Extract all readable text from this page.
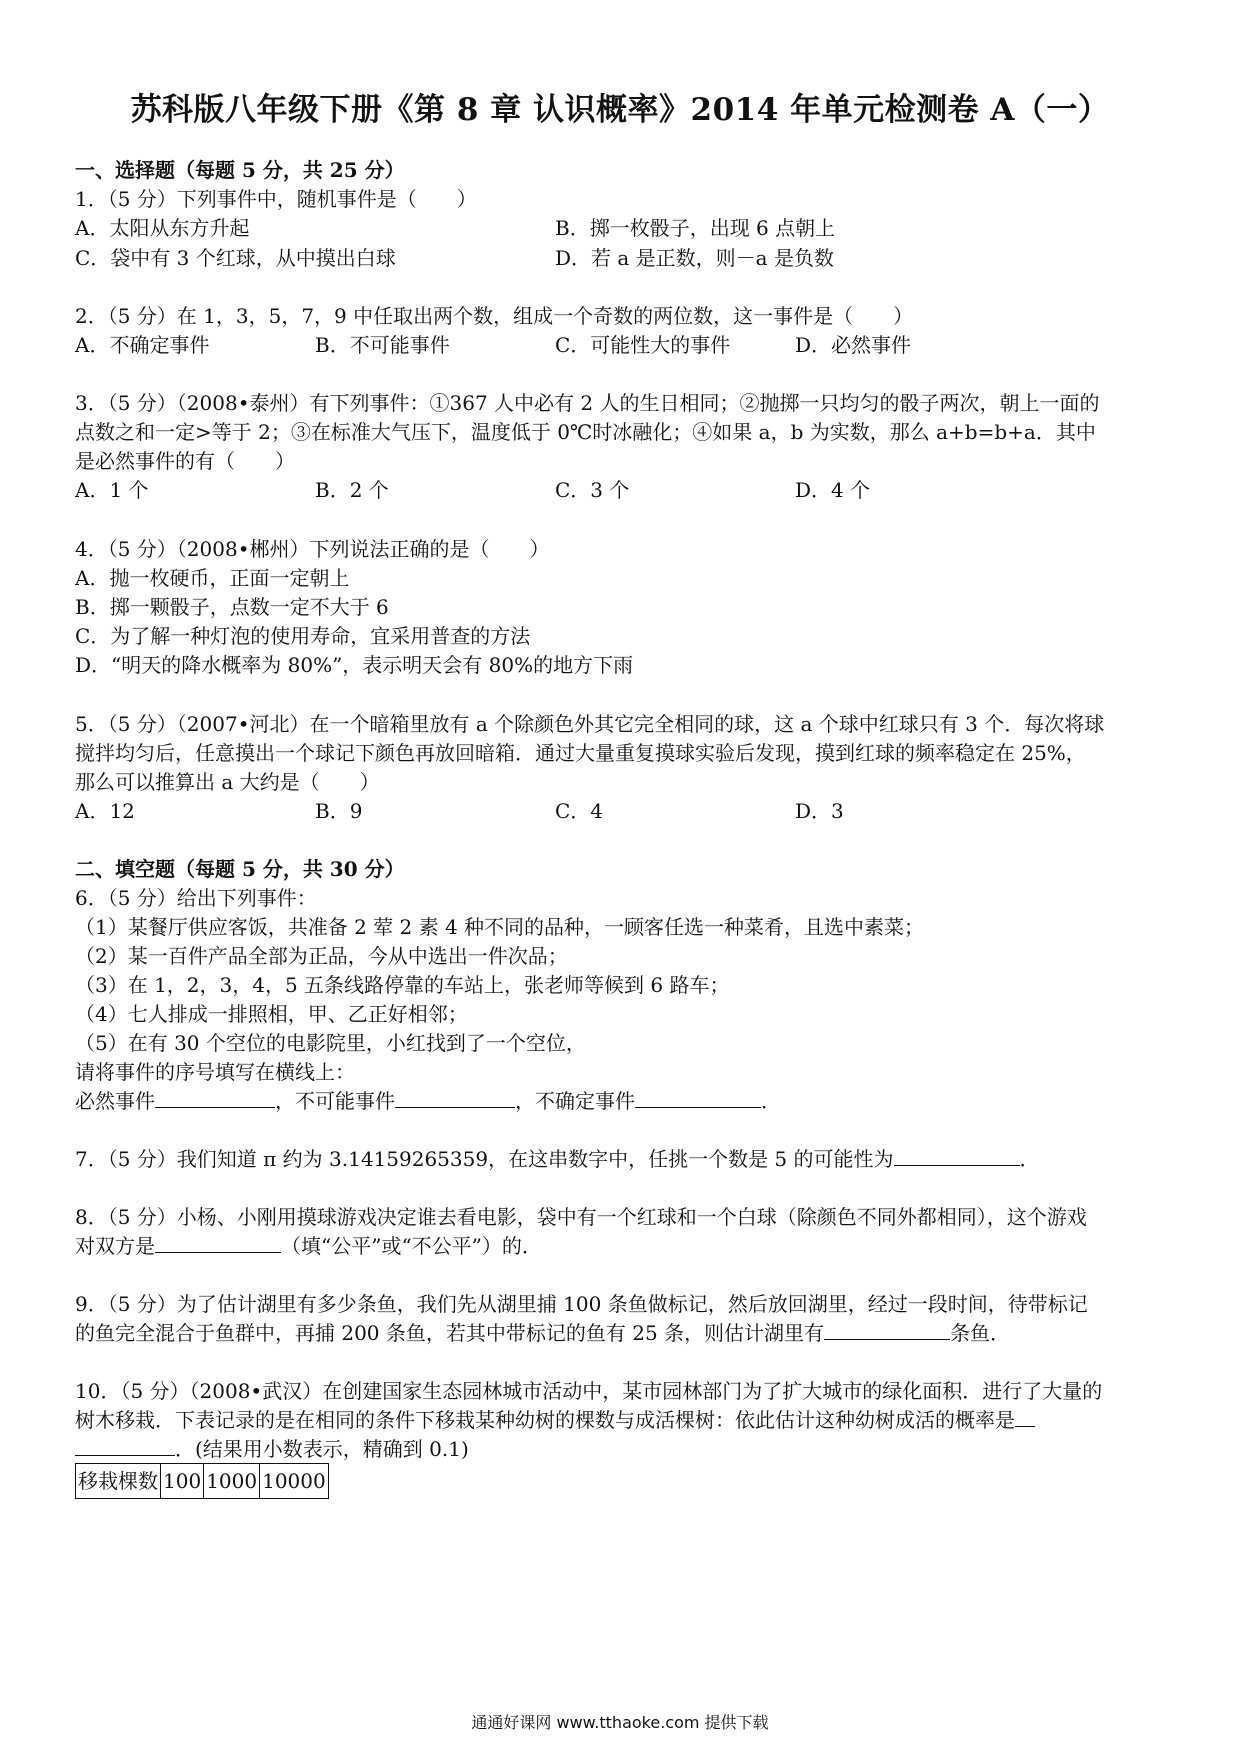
苏科版八年级下册《第 8 章 认识概率》2014 年单元检测卷 A（一）
一、选择题（每题 5 分，共 25 分）
1．（5 分）下列事件中，随机事件是（　　）
A．太阳从东方升起	B．掷一枚骰子，出现 6 点朝上
C．袋中有 3 个红球，从中摸出白球	D．若 a 是正数，则－a 是负数
2．（5 分）在 1，3，5，7，9 中任取出两个数，组成一个奇数的两位数，这一事件是（　　）
A．不确定事件	B．不可能事件	C．可能性大的事件	D．必然事件
3．（5 分）（2008•泰州）有下列事件：①367 人中必有 2 人的生日相同；②抛掷一只均匀的骰子两次，朝上一面的
点数之和一定>等于 2；③在标准大气压下，温度低于 0℃时冰融化；④如果 a，b 为实数，那么 a+b=b+a．其中
是必然事件的有（　　）
A．1 个	B．2 个	C．3 个	D．4 个
4．（5 分）（2008•郴州）下列说法正确的是（　　）
A．抛一枚硬币，正面一定朝上
B．掷一颗骰子，点数一定不大于 6
C．为了解一种灯泡的使用寿命，宜采用普查的方法
D．“明天的降水概率为 80%”，表示明天会有 80%的地方下雨
5．（5 分）（2007•河北）在一个暗箱里放有 a 个除颜色外其它完全相同的球，这 a 个球中红球只有 3 个．每次将球
搅拌均匀后，任意摸出一个球记下颜色再放回暗箱．通过大量重复摸球实验后发现，摸到红球的频率稳定在 25%，
那么可以推算出 a 大约是（　　）
A．12	B．9	C．4	D．3
二、填空题（每题 5 分，共 30 分）
6．（5 分）给出下列事件：
（1）某餐厅供应客饭，共准备 2 荤 2 素 4 种不同的品种，一顾客任选一种菜肴，且选中素菜；
（2）某一百件产品全部为正品，今从中选出一件次品；
（3）在 1，2，3，4，5 五条线路停靠的车站上，张老师等候到 6 路车；
（4）七人排成一排照相，甲、乙正好相邻；
（5）在有 30 个空位的电影院里，小红找到了一个空位，
请将事件的序号填写在横线上：
必然事件	，不可能事件	，不确定事件	．
7．（5 分）我们知道 π 约为 3.14159265359，在这串数字中，任挑一个数是 5 的可能性为	．
8．（5 分）小杨、小刚用摸球游戏决定谁去看电影，袋中有一个红球和一个白球（除颜色不同外都相同），这个游戏
对双方是	（填“公平”或“不公平”）的．
9．（5 分）为了估计湖里有多少条鱼，我们先从湖里捕 100 条鱼做标记，然后放回湖里，经过一段时间，待带标记
的鱼完全混合于鱼群中，再捕 200 条鱼，若其中带标记的鱼有 25 条，则估计湖里有	条鱼．
10．（5 分）（2008•武汉）在创建国家生态园林城市活动中，某市园林部门为了扩大城市的绿化面积．进行了大量的
树木移栽．下表记录的是在相同的条件下移栽某种幼树的棵数与成活棵树：依此估计这种幼树成活的概率是
．(结果用小数表示，精确到 0.1)
移栽棵数	100	1000	10000
通通好课网 www.tthaoke.com 提供下载
